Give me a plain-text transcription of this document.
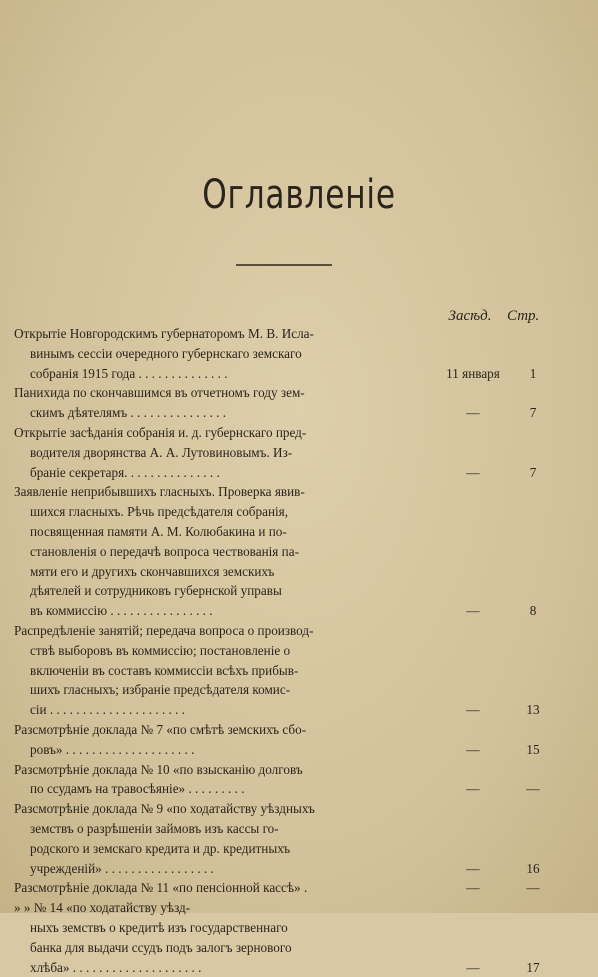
Оглавленіе
Засѣд.	Стр.
Открытіе Новгородскимъ губернаторомъ М. В. Исла-
винымъ сессіи очередного губернскаго земскаго
собранія 1915 года . . . . . . . . . . . . . .	11 января	1
Панихида по скончавшимся въ отчетномъ году зем-
скимъ дѣятелямъ . . . . . . . . . . . . . . .	—	7
Открытіе засѣданія собранія и. д. губернскаго пред-
водителя дворянства А. А. Лутовиновымъ. Из-
браніе секретаря. . . . . . . . . . . . . . .	—	7
Заявленіе неприбывшихъ гласныхъ. Проверка явив-
шихся гласныхъ. Рѣчь предсѣдателя собранія,
посвященная памяти А. М. Колюбакина и по-
становленія о передачѣ вопроса чествованія па-
мяти его и другихъ скончавшихся земскихъ
дѣятелей и сотрудниковъ губернской управы
въ коммиссію . . . . . . . . . . . . . . . .	—	8
Распредѣленіе занятій; передача вопроса о производ-
ствѣ выборовъ въ коммиссію; постановленіе о
включеніи въ составъ коммиссіи всѣхъ прибыв-
шихъ гласныхъ; избраніе предсѣдателя комис-
сіи . . . . . . . . . . . . . . . . . . . . .	—	13
Разсмотрѣніе доклада № 7 «по смѣтѣ земскихъ сбо-
ровъ» . . . . . . . . . . . . . . . . . . . .	—	15
Разсмотрѣніе доклада № 10 «по взысканію долговъ
по ссудамъ на травосѣяніе» . . . . . . . . .	—	—
Разсмотрѣніе доклада № 9 «по ходатайству уѣздныхъ
земствъ о разрѣшеніи займовъ изъ кассы го-
родского и земскаго кредита и др. кредитныхъ
учрежденій» . . . . . . . . . . . . . . . . .	—	16
Разсмотрѣніе доклада № 11 «по пенсіонной кассѣ» .	—	—
» » № 14 «по ходатайству уѣзд-
ныхъ земствъ о кредитѣ изъ государственнаго
банка для выдачи ссудъ подъ залогъ зернового
хлѣба» . . . . . . . . . . . . . . . . . . . .	—	17
